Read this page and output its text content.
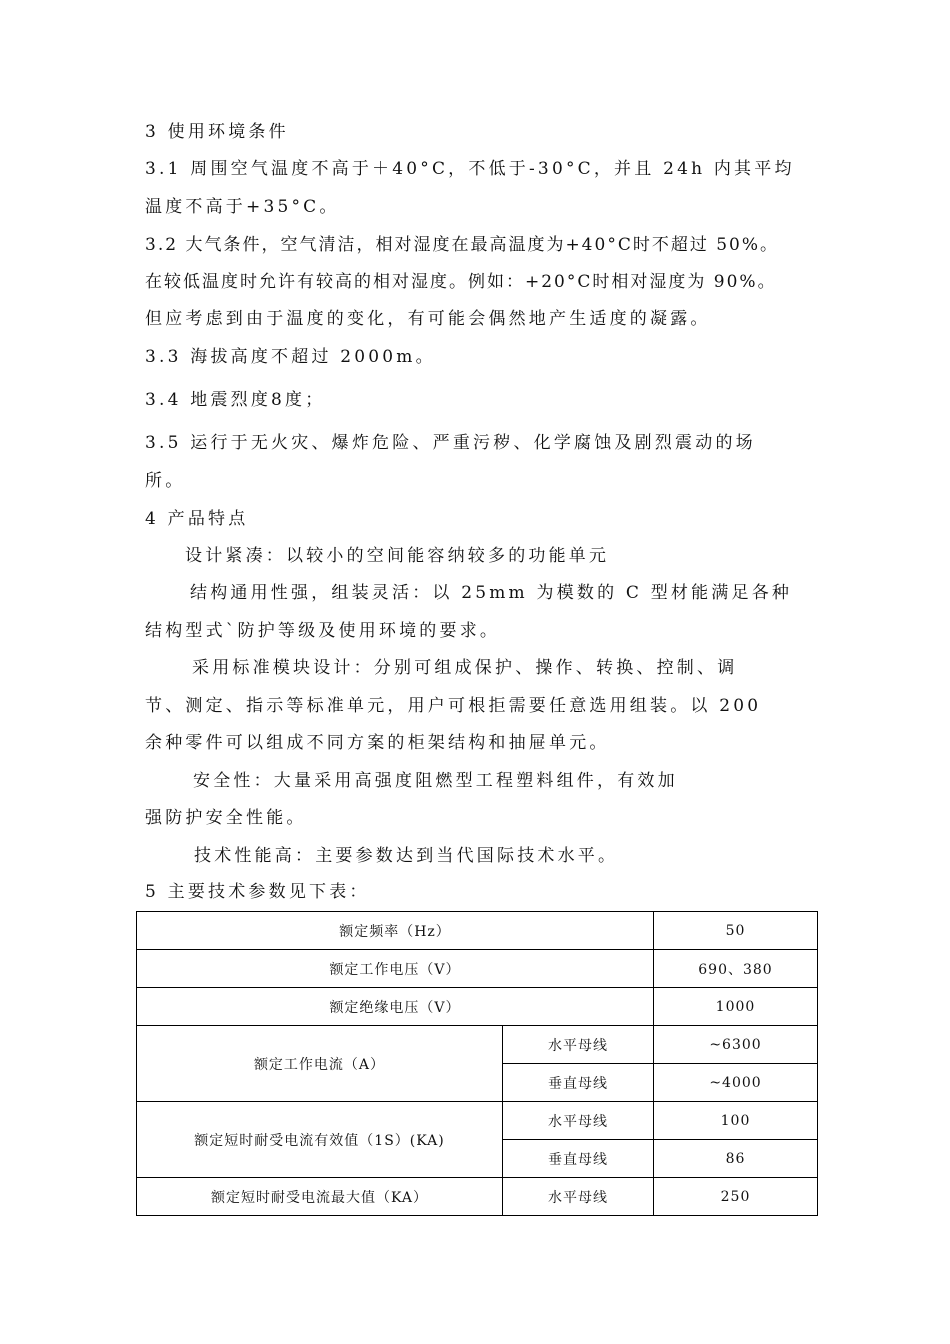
3 使用环境条件
3.1 周围空气温度不高于＋40°C，不低于-30°C，并且 24h 内其平均
温度不高于+35°C。
3.2 大气条件，空气清洁，相对湿度在最高温度为+40°C时不超过 50%。
在较低温度时允许有较高的相对湿度。例如：+20°C时相对湿度为 90%。
但应考虑到由于温度的变化，有可能会偶然地产生适度的凝露。
3.3 海拔高度不超过 2000m。
3.4 地震烈度8度；
3.5 运行于无火灾、爆炸危险、严重污秽、化学腐蚀及剧烈震动的场
所。
4 产品特点
设计紧凑：以较小的空间能容纳较多的功能单元
结构通用性强，组装灵活：以 25mm 为模数的 C 型材能满足各种
结构型式`防护等级及使用环境的要求。
采用标准模块设计：分别可组成保护、操作、转换、控制、调
节、测定、指示等标准单元，用户可根拒需要任意选用组装。以 200
余种零件可以组成不同方案的柜架结构和抽屉单元。
安全性：大量采用高强度阻燃型工程塑料组件，有效加
强防护安全性能。
技术性能高：主要参数达到当代国际技术水平。
5 主要技术参数见下表：
额定频率（Hz）		50
额定工作电压（V）		690、380
额定绝缘电压（V）		1000
额定工作电流（A）	水平母线	~6300
	垂直母线	~4000
额定短时耐受电流有效值（1S）(KA)	水平母线	100
	垂直母线	86
额定短时耐受电流最大值（KA）	水平母线	250
